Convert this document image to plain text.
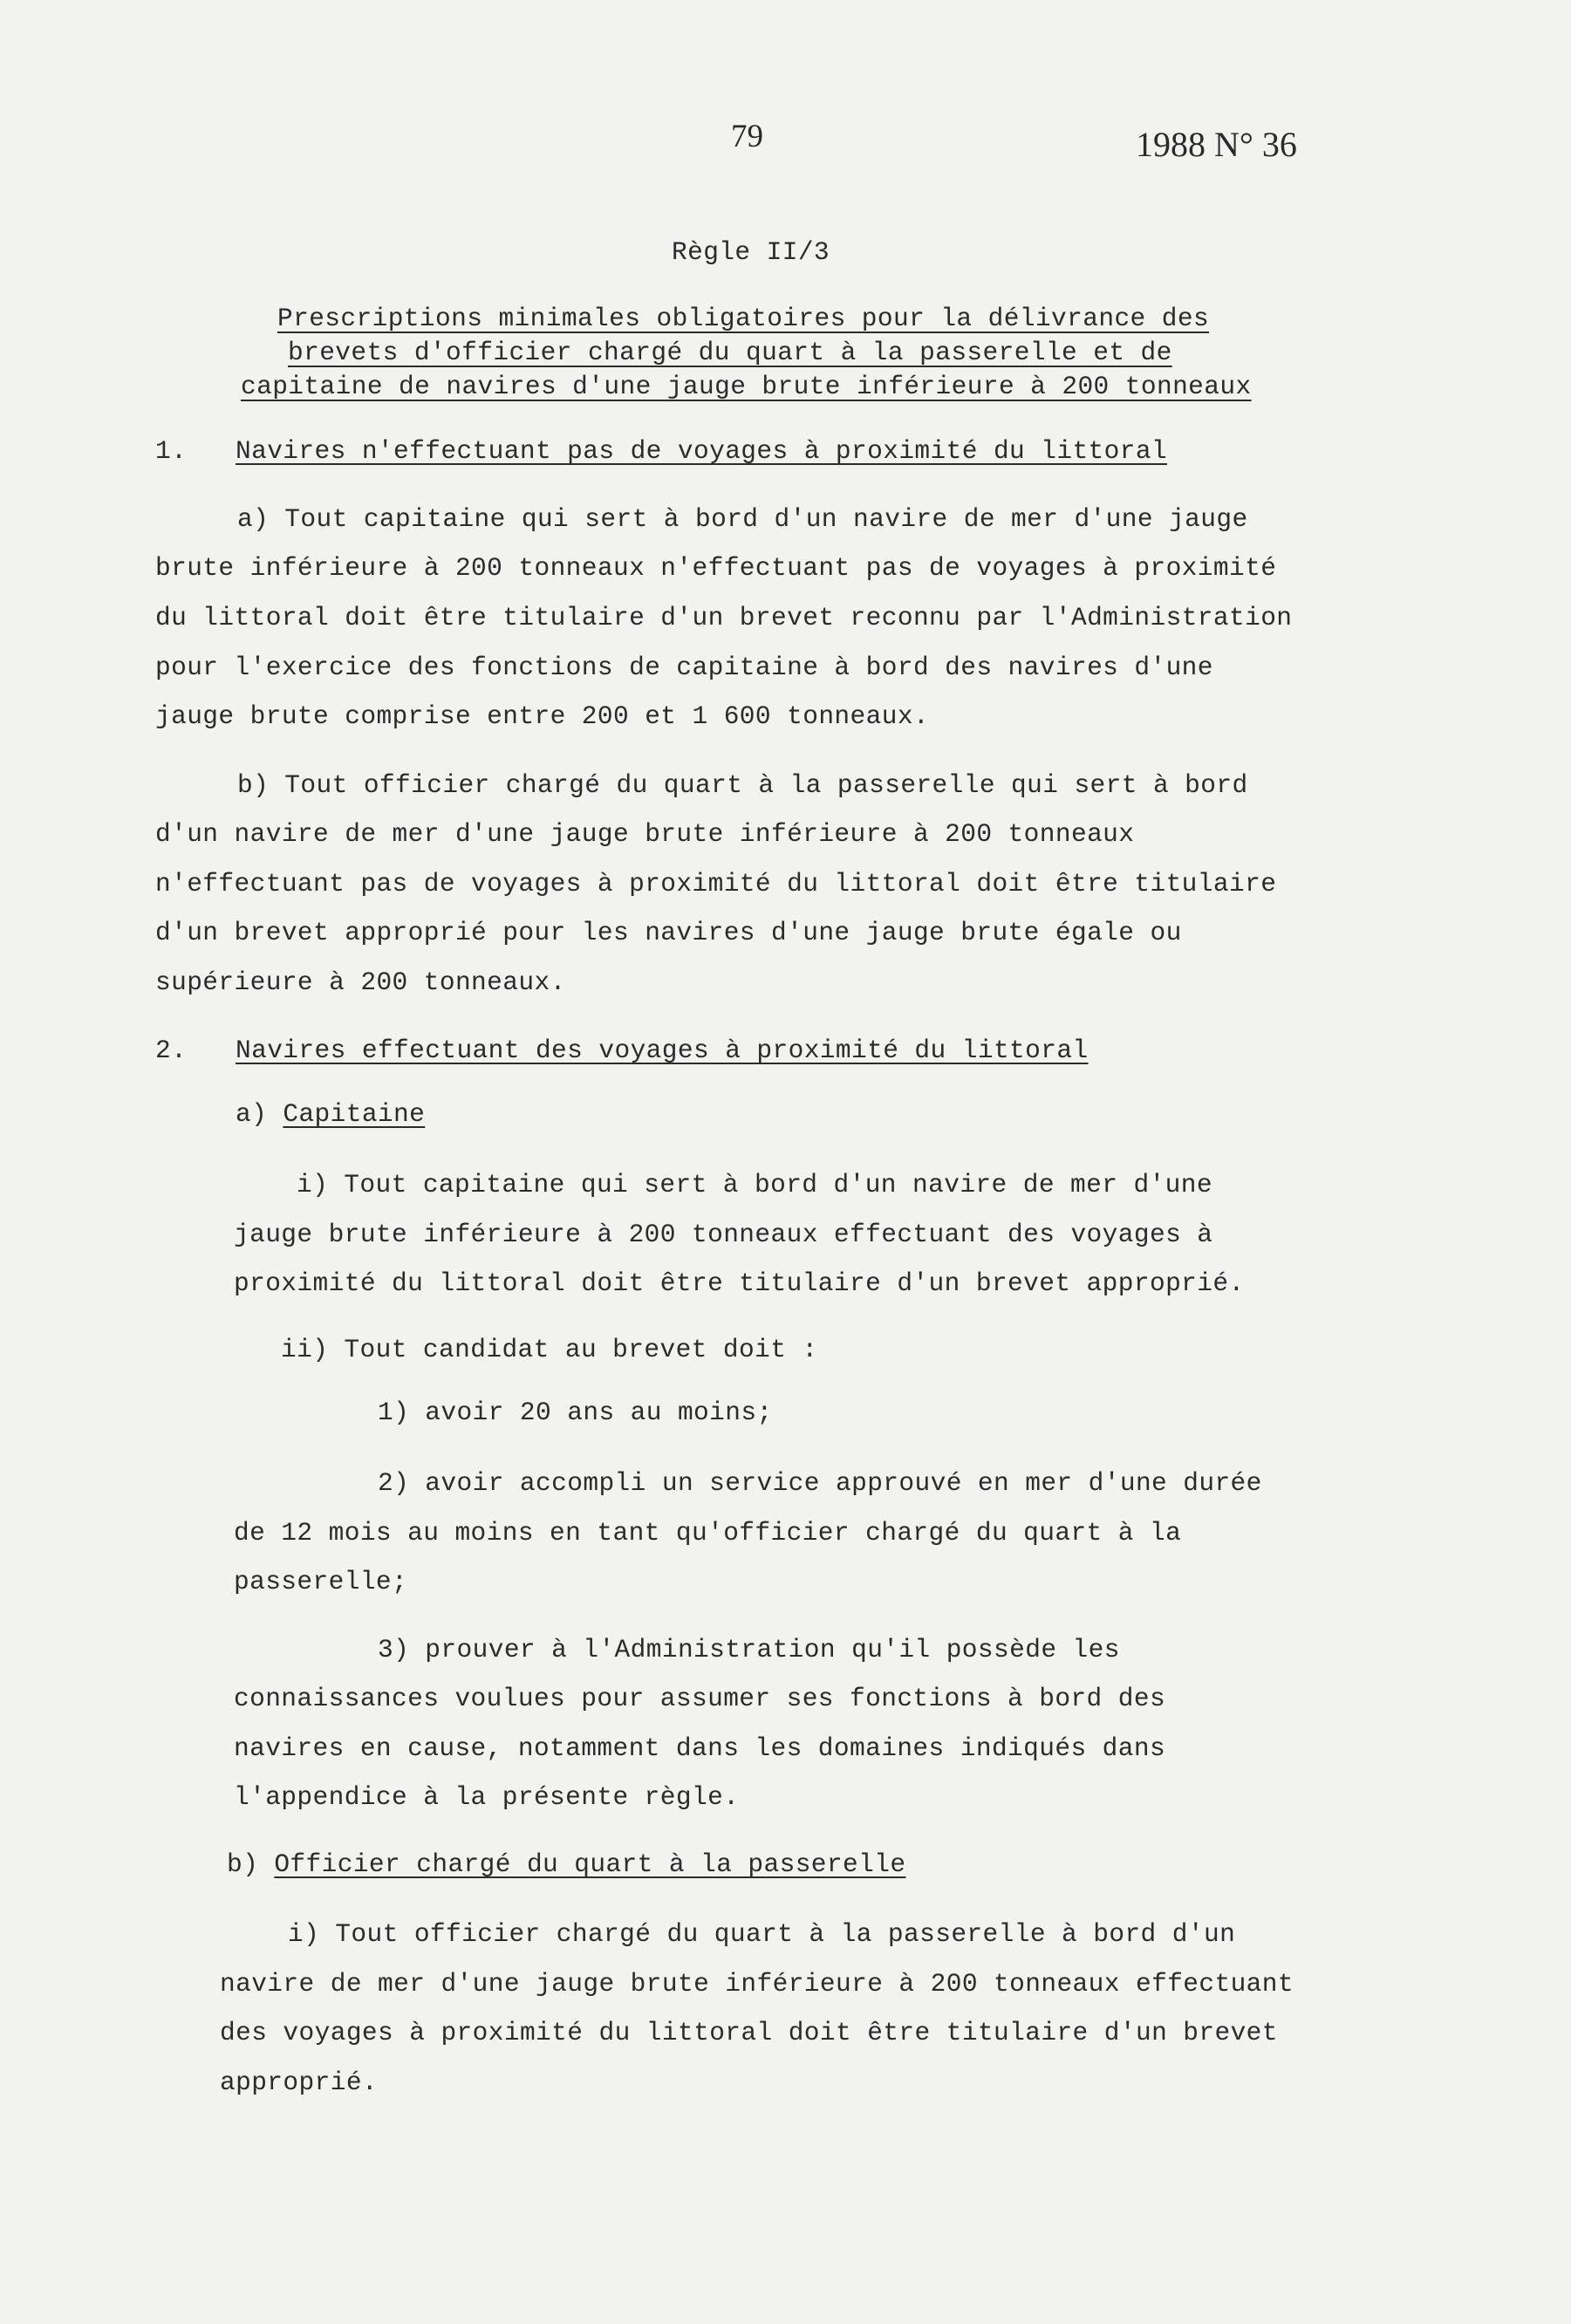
79	1988 N° 36
Règle II/3
Prescriptions minimales obligatoires pour la délivrance des
brevets d'officier chargé du quart à la passerelle et de
capitaine de navires d'une jauge brute inférieure à 200 tonneaux
1. Navires n'effectuant pas de voyages à proximité du littoral
a) Tout capitaine qui sert à bord d'un navire de mer d'une jauge
brute inférieure à 200 tonneaux n'effectuant pas de voyages à proximité
du littoral doit être titulaire d'un brevet reconnu par l'Administration
pour l'exercice des fonctions de capitaine à bord des navires d'une
jauge brute comprise entre 200 et 1 600 tonneaux.
b) Tout officier chargé du quart à la passerelle qui sert à bord
d'un navire de mer d'une jauge brute inférieure à 200 tonneaux
n'effectuant pas de voyages à proximité du littoral doit être titulaire
d'un brevet approprié pour les navires d'une jauge brute égale ou
supérieure à 200 tonneaux.
2. Navires effectuant des voyages à proximité du littoral
a) Capitaine
i) Tout capitaine qui sert à bord d'un navire de mer d'une
jauge brute inférieure à 200 tonneaux effectuant des voyages à
proximité du littoral doit être titulaire d'un brevet approprié.
ii) Tout candidat au brevet doit :
1) avoir 20 ans au moins;
2) avoir accompli un service approuvé en mer d'une durée
de 12 mois au moins en tant qu'officier chargé du quart à la
passerelle;
3) prouver à l'Administration qu'il possède les
connaissances voulues pour assumer ses fonctions à bord des
navires en cause, notamment dans les domaines indiqués dans
l'appendice à la présente règle.
b) Officier chargé du quart à la passerelle
i) Tout officier chargé du quart à la passerelle à bord d'un
navire de mer d'une jauge brute inférieure à 200 tonneaux effectuant
des voyages à proximité du littoral doit être titulaire d'un brevet
approprié.
